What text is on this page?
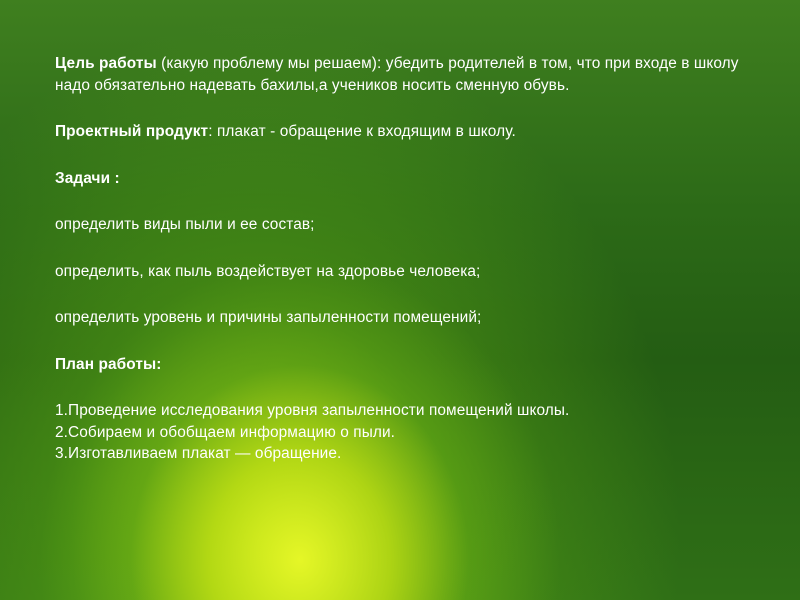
Цель работы (какую проблему мы решаем): убедить родителей в том, что при входе в школу надо обязательно надевать бахилы,а учеников носить сменную обувь.

Проектный продукт: плакат - обращение к входящим в школу.

Задачи :

определить виды пыли и ее состав;

определить, как пыль воздействует на здоровье человека;

определить уровень и причины запыленности помещений;

План работы:

1.Проведение исследования уровня запыленности помещений школы.

2.Собираем и обобщаем информацию о пыли.

3.Изготавливаем плакат — обращение.
